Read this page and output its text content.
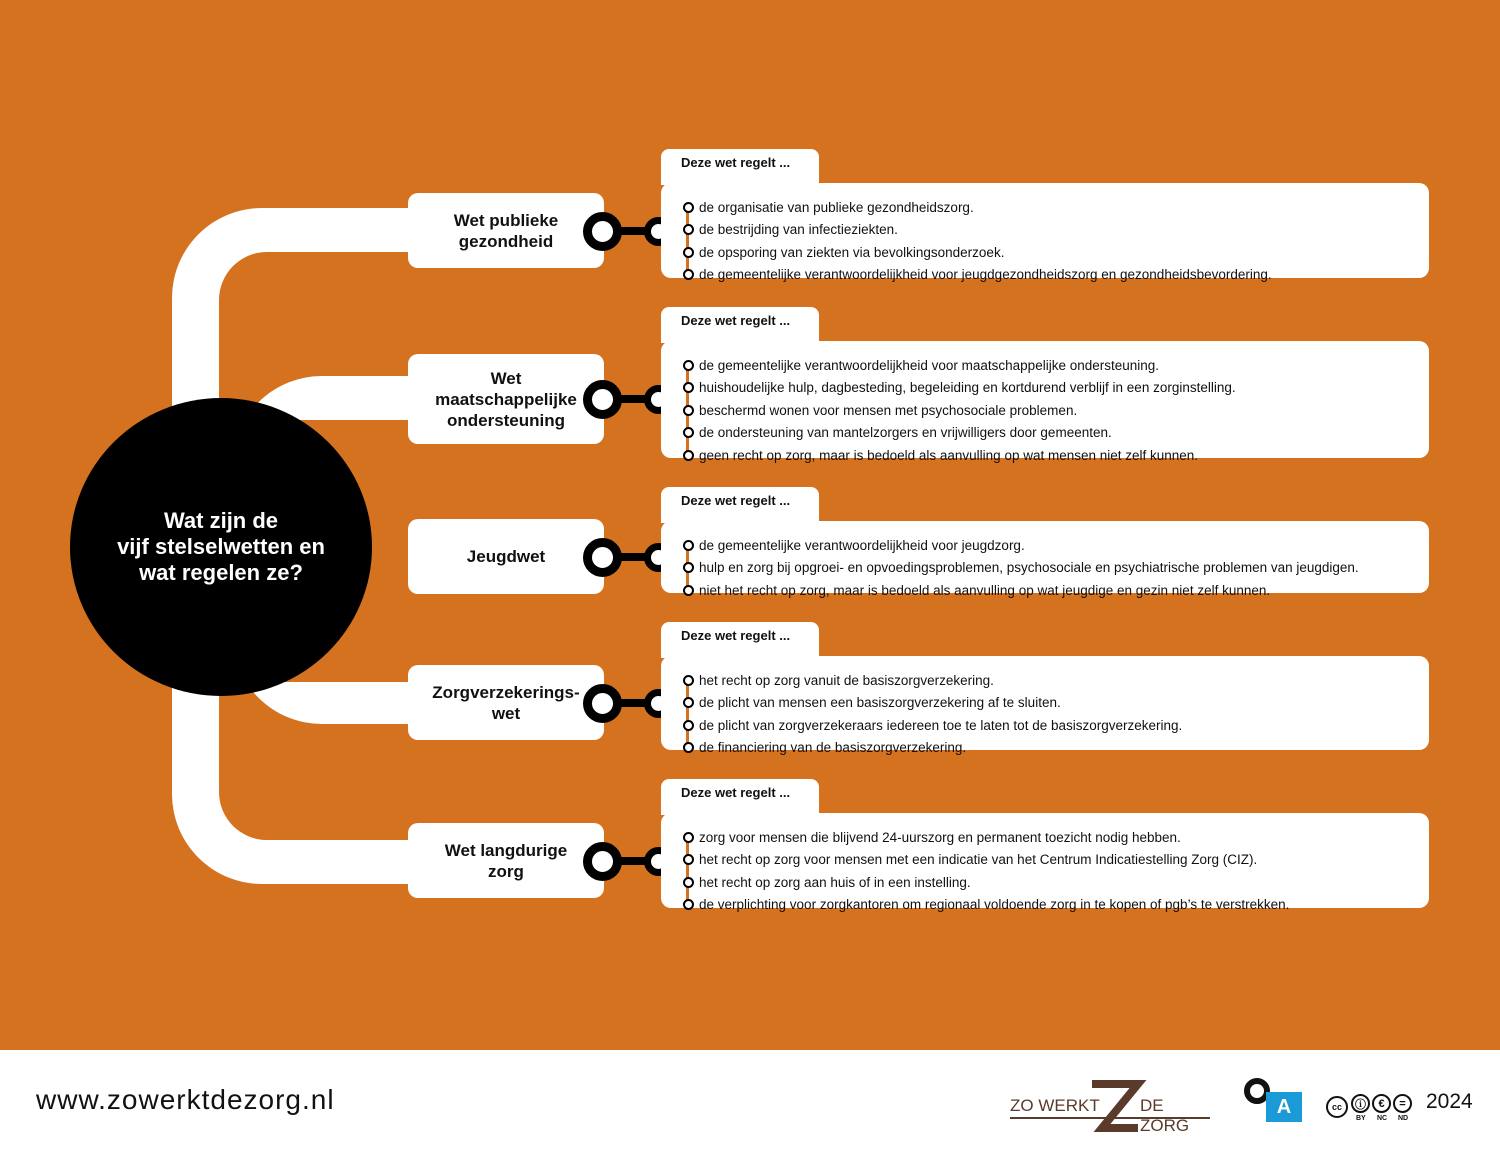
Wat zijn de
vijf stelselwetten en
wat regelen ze?
Wet publieke
gezondheid
Deze wet regelt ...
de organisatie van publieke gezondheidszorg.
de bestrijding van infectieziekten.
de opsporing van ziekten via bevolkingsonderzoek.
de gemeentelijke verantwoordelijkheid voor jeugdgezondheidszorg en gezondheidsbevordering.
Wet
maatschappelijke
ondersteuning
Deze wet regelt ...
de gemeentelijke verantwoordelijkheid voor maatschappelijke ondersteuning.
huishoudelijke hulp, dagbesteding, begeleiding en kortdurend verblijf in een zorginstelling.
beschermd wonen voor mensen met psychosociale problemen.
de ondersteuning van mantelzorgers en vrijwilligers door gemeenten.
geen recht op zorg, maar is bedoeld als aanvulling op wat mensen niet zelf kunnen.
Jeugdwet
Deze wet regelt ...
de gemeentelijke verantwoordelijkheid voor jeugdzorg.
hulp en zorg bij opgroei- en opvoedingsproblemen, psychosociale en psychiatrische problemen van jeugdigen.
niet het recht op zorg, maar is bedoeld als aanvulling op wat jeugdige en gezin niet zelf kunnen.
Zorgverzekerings-
wet
Deze wet regelt ...
het recht op zorg vanuit de basiszorgverzekering.
de plicht van mensen een basiszorgverzekering af te sluiten.
de plicht van zorgverzekeraars iedereen toe te laten tot de basiszorgverzekering.
de financiering van de basiszorgverzekering.
Wet langdurige
zorg
Deze wet regelt ...
zorg voor mensen die blijvend 24-uurszorg en permanent toezicht nodig hebben.
het recht op zorg voor mensen met een indicatie van het Centrum Indicatiestelling Zorg (CIZ).
het recht op zorg aan huis of in een instelling.
de verplichting voor zorgkantoren om regionaal voldoende zorg in te kopen of pgb’s te verstrekken.
www.zowerktdezorg.nl	ZO WERKT DE ZORG
A	cc	ⓘ	€	=
BY NC ND
2024
